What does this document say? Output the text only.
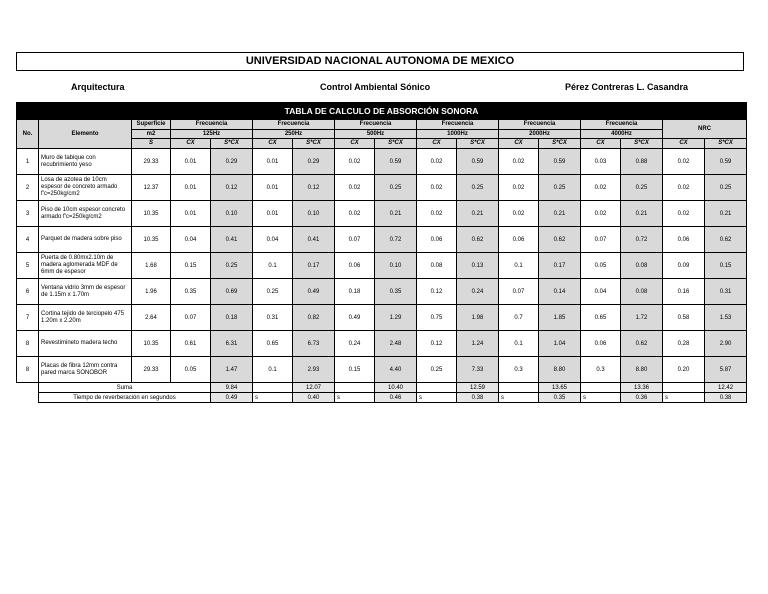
UNIVERSIDAD NACIONAL AUTONOMA DE MEXICO
Arquitectura	Control Ambiental Sónico	Pérez Contreras L. Casandra
TABLA DE CALCULO DE ABSORCIÓN SONORA																
No.	Elemento	Superficie	Frecuencia		Frecuencia		Frecuencia		Frecuencia		Frecuencia		Frecuencia		NRC	
		m2	125Hz		250Hz		500Hz		1000Hz		2000Hz		4000Hz			
		S	CX	S*CX	CX	S*CX	CX	S*CX	CX	S*CX	CX	S*CX	CX	S*CX	CX	S*CX
1	Muro de tabique con recubrimiento yeso	29.33	0.01	0.29	0.01	0.29	0.02	0.59	0.02	0.59	0.02	0.59	0.03	0.88	0.02	0.59
2	Losa de azotea de 10cm espesor de concreto armado f'c=250kg/cm2	12.37	0.01	0.12	0.01	0.12	0.02	0.25	0.02	0.25	0.02	0.25	0.02	0.25	0.02	0.25
3	Piso de 10cm espesor concreto armado f'c=250kg/cm2	10.35	0.01	0.10	0.01	0.10	0.02	0.21	0.02	0.21	0.02	0.21	0.02	0.21	0.02	0.21
4	Parquet de madera sobre piso	10.35	0.04	0.41	0.04	0.41	0.07	0.72	0.06	0.62	0.06	0.62	0.07	0.72	0.06	0.62
5	Puerta de 0.80mx2.10m de madera aglomerada MDF de 6mm de espesor	1.68	0.15	0.25	0.1	0.17	0.06	0.10	0.08	0.13	0.1	0.17	0.05	0.08	0.09	0.15
6	Ventana vidrio 3mm de espesor de 1.15m x 1.70m	1.96	0.35	0.69	0.25	0.49	0.18	0.35	0.12	0.24	0.07	0.14	0.04	0.08	0.16	0.31
7	Cortina tejido de terciopelo 475 1.20m x 2.20m	2.64	0.07	0.18	0.31	0.82	0.49	1.29	0.75	1.98	0.7	1.85	0.65	1.72	0.58	1.53
8	Revestimineto madera techo	10.35	0.61	6.31	0.65	6.73	0.24	2.48	0.12	1.24	0.1	1.04	0.06	0.62	0.28	2.90
8	Placas de fibra 12mm contra pared marca SONOBOR	29.33	0.05	1.47	0.1	2.93	0.15	4.40	0.25	7.33	0.3	8.80	0.3	8.80	0.20	5.87
	Suma			9.84		12.07		10.40		12.59		13.65		13.36		12.42
	Tiempo de reverberación en segundos			0.49	s	0.40	s	0.46	s	0.38	s	0.35	s	0.36	s	0.38
